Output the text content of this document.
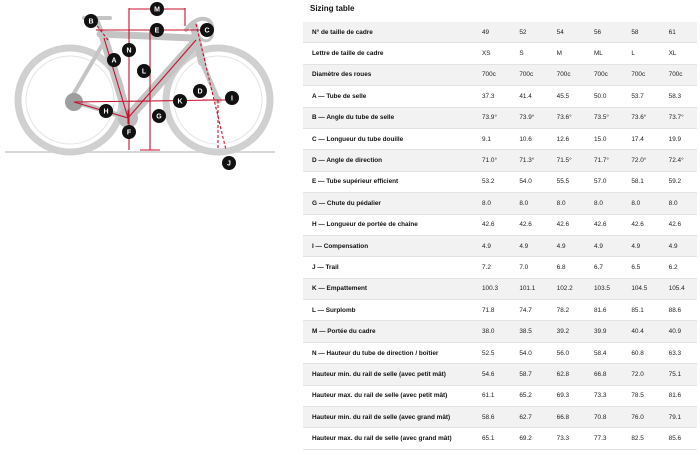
B
M
C
E
N
A
L
D
I
K
H
G
F
J
Sizing table
N° de taille de cadre	49	52	54	56	58	61
Lettre de taille de cadre	XS	S	M	ML	L	XL
Diamètre des roues	700c	700c	700c	700c	700c	700c
A — Tube de selle	37.3	41.4	45.5	50.0	53.7	58.3
B — Angle du tube de selle	73.9°	73.9°	73.6°	73.5°	73.6°	73.7°
C — Longueur du tube douille	9.1	10.6	12.6	15.0	17.4	19.9
D — Angle de direction	71.0°	71.3°	71.5°	71.7°	72.0°	72.4°
E — Tube supérieur efficient	53.2	54.0	55.5	57.0	58.1	59.2
G — Chute du pédalier	8.0	8.0	8.0	8.0	8.0	8.0
H — Longueur de portée de chaîne	42.6	42.6	42.6	42.6	42.6	42.6
I — Compensation	4.9	4.9	4.9	4.9	4.9	4.9
J — Trail	7.2	7.0	6.8	6.7	6.5	6.2
K — Empattement	100.3	101.1	102.2	103.5	104.5	105.4
L — Surplomb	71.8	74.7	78.2	81.6	85.1	88.6
M — Portée du cadre	38.0	38.5	39.2	39.9	40.4	40.9
N — Hauteur du tube de direction / boîtier	52.5	54.0	56.0	58.4	60.8	63.3
Hauteur min. du rail de selle (avec petit mât)	54.6	58.7	62.8	66.8	72.0	75.1
Hauteur max. du rail de selle (avec petit mât)	61.1	65.2	69.3	73.3	78.5	81.6
Hauteur min. du rail de selle (avec grand mât)	58.6	62.7	66.8	70.8	76.0	79.1
Hauteur max. du rail de selle (avec grand mât)	65.1	69.2	73.3	77.3	82.5	85.6
